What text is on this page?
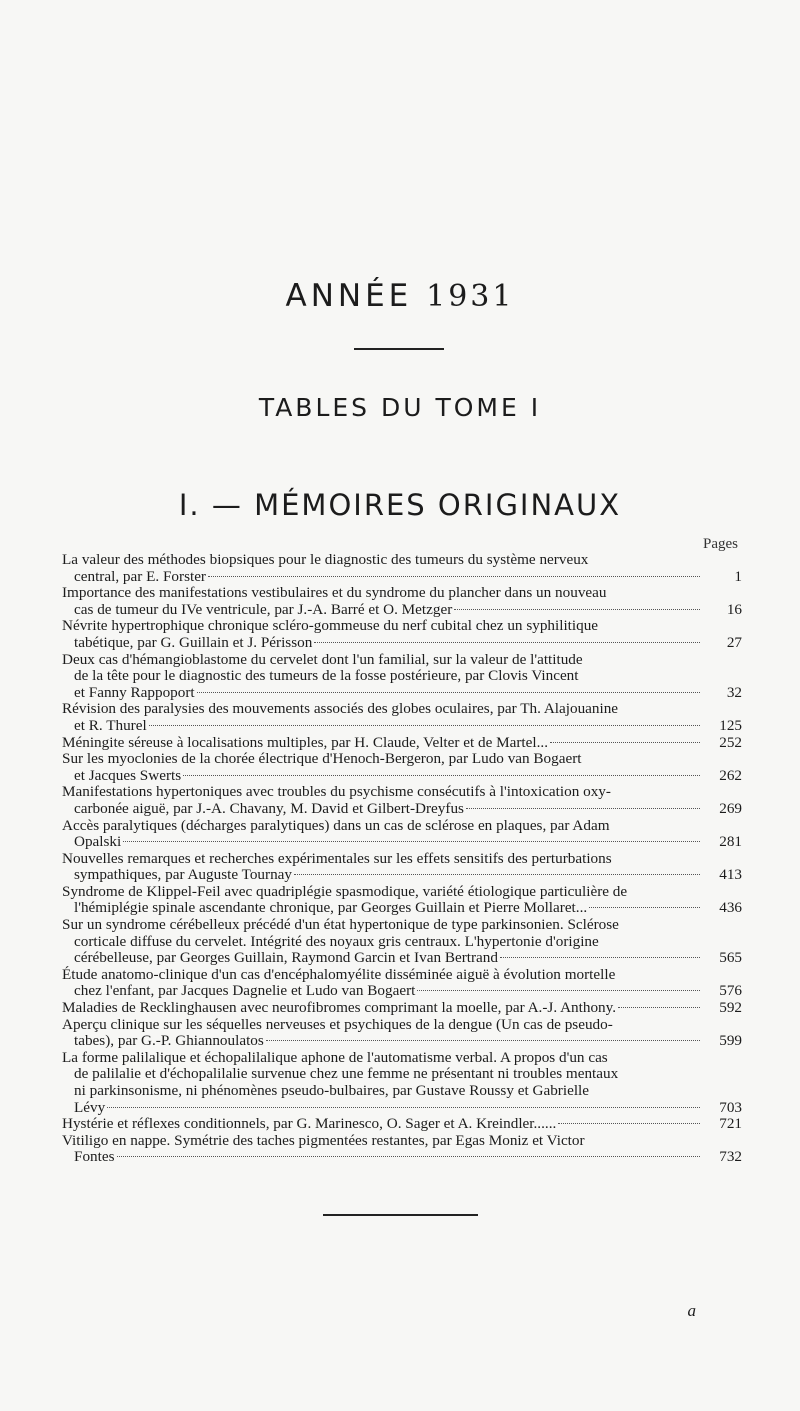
ANNÉE 1931
TABLES DU TOME I
I. — MÉMOIRES ORIGINAUX
Pages
La valeur des méthodes biopsiques pour le diagnostic des tumeurs du système nerveux
central, par E. Forster	1
Importance des manifestations vestibulaires et du syndrome du plancher dans un nouveau
cas de tumeur du IVe ventricule, par J.-A. Barré et O. Metzger	16
Névrite hypertrophique chronique scléro-gommeuse du nerf cubital chez un syphilitique
tabétique, par G. Guillain et J. Périsson	27
Deux cas d'hémangioblastome du cervelet dont l'un familial, sur la valeur de l'attitude
de la tête pour le diagnostic des tumeurs de la fosse postérieure, par Clovis Vincent
et Fanny Rappoport	32
Révision des paralysies des mouvements associés des globes oculaires, par Th. Alajouanine
et R. Thurel	125
Méningite séreuse à localisations multiples, par H. Claude, Velter et de Martel...	252
Sur les myoclonies de la chorée électrique d'Henoch-Bergeron, par Ludo van Bogaert
et Jacques Swerts	262
Manifestations hypertoniques avec troubles du psychisme consécutifs à l'intoxication oxy-
carbonée aiguë, par J.-A. Chavany, M. David et Gilbert-Dreyfus	269
Accès paralytiques (décharges paralytiques) dans un cas de sclérose en plaques, par Adam
Opalski	281
Nouvelles remarques et recherches expérimentales sur les effets sensitifs des perturbations
sympathiques, par Auguste Tournay	413
Syndrome de Klippel-Feil avec quadriplégie spasmodique, variété étiologique particulière de
l'hémiplégie spinale ascendante chronique, par Georges Guillain et Pierre Mollaret...	436
Sur un syndrome cérébelleux précédé d'un état hypertonique de type parkinsonien. Sclérose
corticale diffuse du cervelet. Intégrité des noyaux gris centraux. L'hypertonie d'origine
cérébelleuse, par Georges Guillain, Raymond Garcin et Ivan Bertrand	565
Étude anatomo-clinique d'un cas d'encéphalomyélite disséminée aiguë à évolution mortelle
chez l'enfant, par Jacques Dagnelie et Ludo van Bogaert	576
Maladies de Recklinghausen avec neurofibromes comprimant la moelle, par A.-J. Anthony.	592
Aperçu clinique sur les séquelles nerveuses et psychiques de la dengue (Un cas de pseudo-
tabes), par G.-P. Ghiannoulatos	599
La forme palilalique et échopalilalique aphone de l'automatisme verbal. A propos d'un cas
de palilalie et d'échopalilalie survenue chez une femme ne présentant ni troubles mentaux
ni parkinsonisme, ni phénomènes pseudo-bulbaires, par Gustave Roussy et Gabrielle
Lévy	703
Hystérie et réflexes conditionnels, par G. Marinesco, O. Sager et A. Kreindler......	721
Vitiligo en nappe. Symétrie des taches pigmentées restantes, par Egas Moniz et Victor
Fontes	732
a
